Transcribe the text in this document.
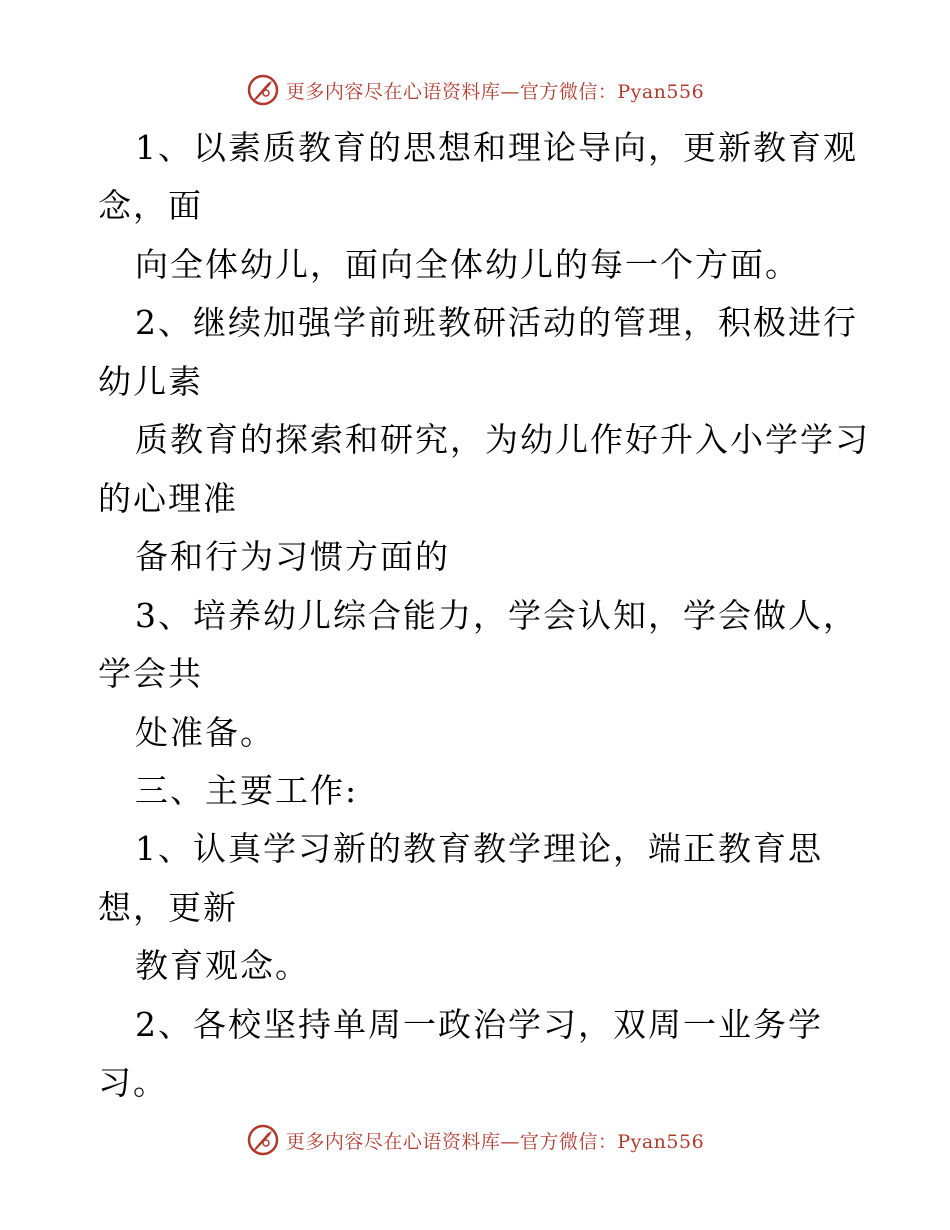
更多内容尽在心语资料库—官方微信：Pyan556
1、以素质教育的思想和理论导向，更新教育观
念，面
向全体幼儿，面向全体幼儿的每一个方面。
2、继续加强学前班教研活动的管理，积极进行
幼儿素
质教育的探索和研究，为幼儿作好升入小学学习
的心理准
备和行为习惯方面的
3、培养幼儿综合能力，学会认知，学会做人，
学会共
处准备。
三、主要工作:
1、认真学习新的教育教学理论，端正教育思
想，更新
教育观念。
2、各校坚持单周一政治学习，双周一业务学
习。
更多内容尽在心语资料库—官方微信：Pyan556
